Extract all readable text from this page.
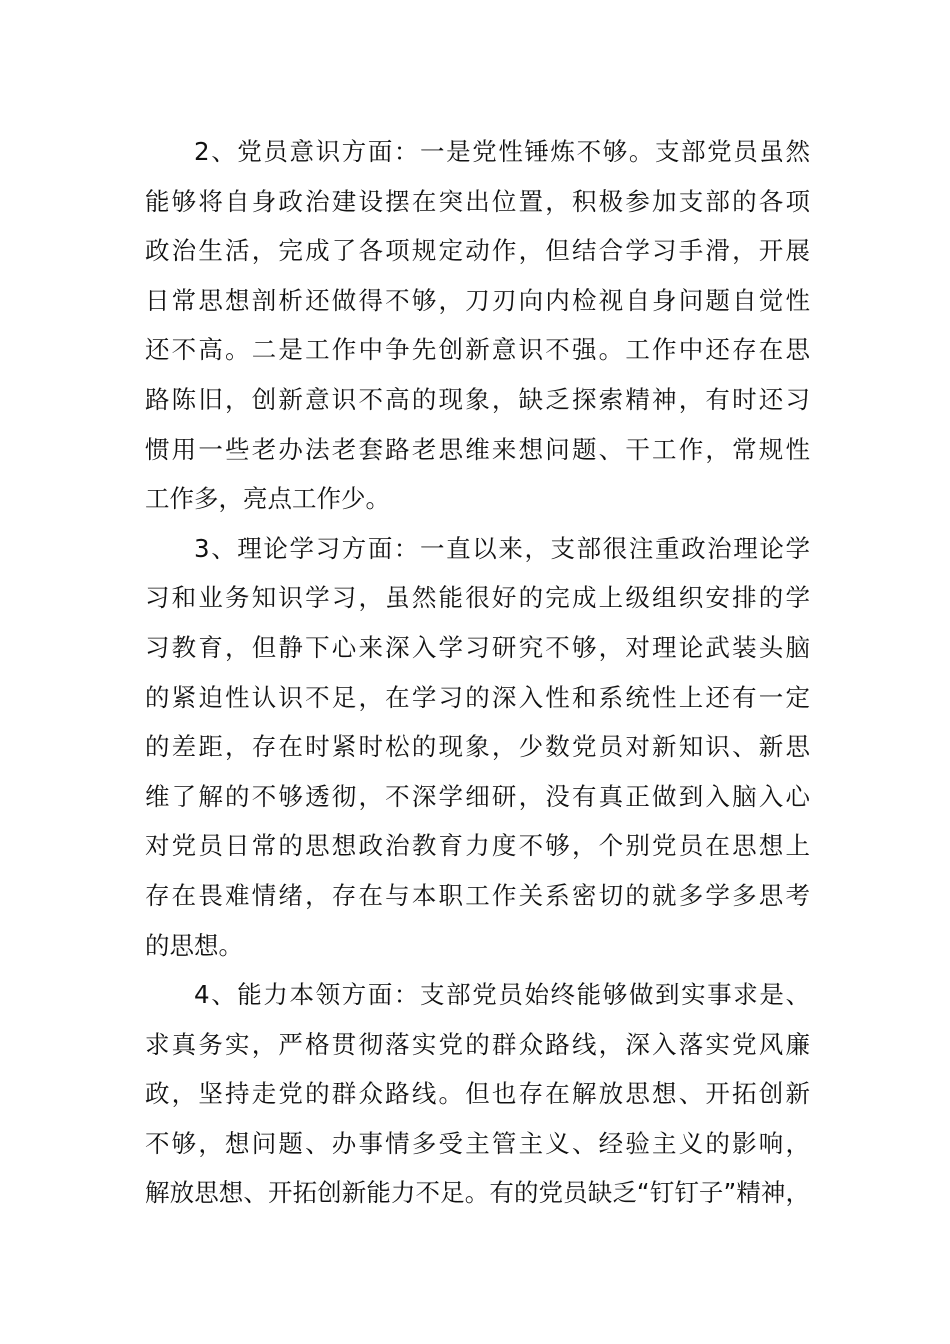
2、党员意识方面：一是党性锤炼不够。支部党员虽然
能够将自身政治建设摆在突出位置，积极参加支部的各项
政治生活，完成了各项规定动作，但结合学习手滑，开展
日常思想剖析还做得不够，刀刃向内检视自身问题自觉性
还不高。二是工作中争先创新意识不强。工作中还存在思
路陈旧，创新意识不高的现象，缺乏探索精神，有时还习
惯用一些老办法老套路老思维来想问题、干工作，常规性
工作多，亮点工作少。
3、理论学习方面：一直以来，支部很注重政治理论学
习和业务知识学习，虽然能很好的完成上级组织安排的学
习教育，但静下心来深入学习研究不够，对理论武装头脑
的紧迫性认识不足，在学习的深入性和系统性上还有一定
的差距，存在时紧时松的现象，少数党员对新知识、新思
维了解的不够透彻，不深学细研，没有真正做到入脑入心
对党员日常的思想政治教育力度不够，个别党员在思想上
存在畏难情绪，存在与本职工作关系密切的就多学多思考
的思想。
4、能力本领方面：支部党员始终能够做到实事求是、
求真务实，严格贯彻落实党的群众路线，深入落实党风廉
政，坚持走党的群众路线。但也存在解放思想、开拓创新
不够，想问题、办事情多受主管主义、经验主义的影响，
解放思想、开拓创新能力不足。有的党员缺乏“钉钉子”精神，
